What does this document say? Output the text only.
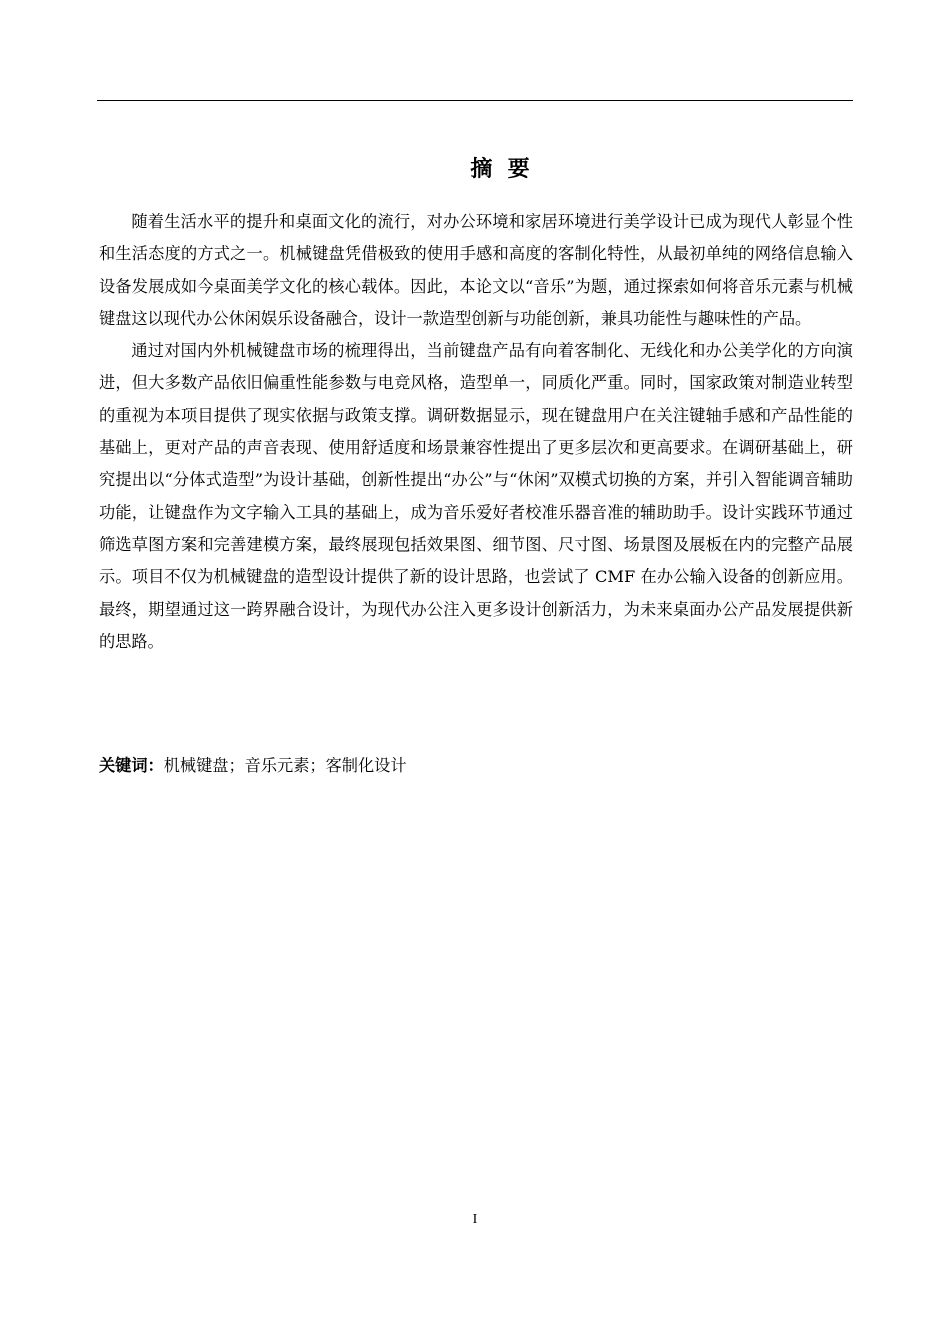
摘  要

随着生活水平的提升和桌面文化的流行，对办公环境和家居环境进行美学设计已成为现代人彰显个性和生活态度的方式之一。机械键盘凭借极致的使用手感和高度的客制化特性，从最初单纯的网络信息输入设备发展成如今桌面美学文化的核心载体。因此，本论文以“音乐”为题，通过探索如何将音乐元素与机械键盘这以现代办公休闲娱乐设备融合，设计一款造型创新与功能创新，兼具功能性与趣味性的产品。

通过对国内外机械键盘市场的梳理得出，当前键盘产品有向着客制化、无线化和办公美学化的方向演进，但大多数产品依旧偏重性能参数与电竞风格，造型单一，同质化严重。同时，国家政策对制造业转型的重视为本项目提供了现实依据与政策支撑。调研数据显示，现在键盘用户在关注键轴手感和产品性能的基础上，更对产品的声音表现、使用舒适度和场景兼容性提出了更多层次和更高要求。在调研基础上，研究提出以“分体式造型”为设计基础，创新性提出“办公”与“休闲”双模式切换的方案，并引入智能调音辅助功能，让键盘作为文字输入工具的基础上，成为音乐爱好者校准乐器音准的辅助助手。设计实践环节通过筛选草图方案和完善建模方案，最终展现包括效果图、细节图、尺寸图、场景图及展板在内的完整产品展示。项目不仅为机械键盘的造型设计提供了新的设计思路，也尝试了 CMF 在办公输入设备的创新应用。最终，期望通过这一跨界融合设计，为现代办公注入更多设计创新活力，为未来桌面办公产品发展提供新的思路。

关键词：机械键盘；音乐元素；客制化设计

I
